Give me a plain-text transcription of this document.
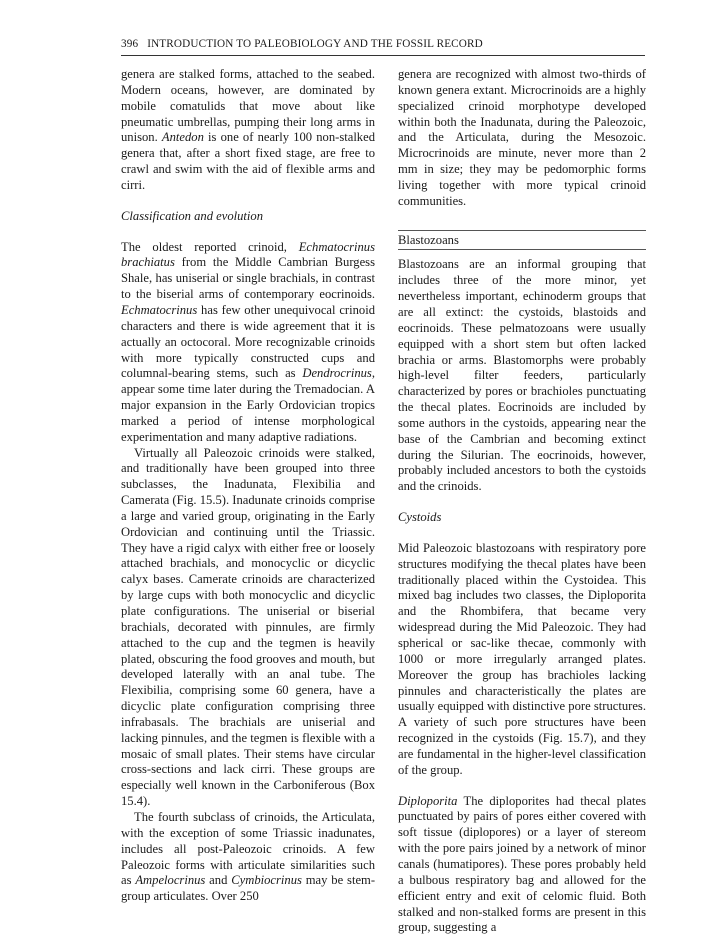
396 INTRODUCTION TO PALEOBIOLOGY AND THE FOSSIL RECORD

genera are stalked forms, attached to the seabed. Modern oceans, however, are dominated by mobile comatulids that move about like pneumatic umbrellas, pumping their long arms in unison. Antedon is one of nearly 100 non-stalked genera that, after a short fixed stage, are free to crawl and swim with the aid of flexible arms and cirri.

Classification and evolution

The oldest reported crinoid, Echmatocrinus brachiatus from the Middle Cambrian Burgess Shale, has uniserial or single brachials, in contrast to the biserial arms of contemporary eocrinoids. Echmatocrinus has few other unequivocal crinoid characters and there is wide agreement that it is actually an octocoral. More recognizable crinoids with more typically constructed cups and columnal-bearing stems, such as Dendrocrinus, appear some time later during the Tremadocian. A major expansion in the Early Ordovician tropics marked a period of intense morphological experimentation and many adaptive radiations.

Virtually all Paleozoic crinoids were stalked, and traditionally have been grouped into three subclasses, the Inadunata, Flexibilia and Camerata (Fig. 15.5). Inadunate crinoids comprise a large and varied group, originating in the Early Ordovician and continuing until the Triassic. They have a rigid calyx with either free or loosely attached brachials, and monocyclic or dicyclic calyx bases. Camerate crinoids are characterized by large cups with both monocyclic and dicyclic plate configurations. The uniserial or biserial brachials, decorated with pinnules, are firmly attached to the cup and the tegmen is heavily plated, obscuring the food grooves and mouth, but developed laterally with an anal tube. The Flexibilia, comprising some 60 genera, have a dicyclic plate configuration comprising three infrabasals. The brachials are uniserial and lacking pinnules, and the tegmen is flexible with a mosaic of small plates. Their stems have circular cross-sections and lack cirri. These groups are especially well known in the Carboniferous (Box 15.4).

The fourth subclass of crinoids, the Articulata, with the exception of some Triassic inadunates, includes all post-Paleozoic crinoids. A few Paleozoic forms with articulate similarities such as Ampelocrinus and Cymbiocrinus may be stem-group articulates. Over 250

genera are recognized with almost two-thirds of known genera extant. Microcrinoids are a highly specialized crinoid morphotype developed within both the Inadunata, during the Paleozoic, and the Articulata, during the Mesozoic. Microcrinoids are minute, never more than 2 mm in size; they may be pedomorphic forms living together with more typical crinoid communities.

Blastozoans

Blastozoans are an informal grouping that includes three of the more minor, yet nevertheless important, echinoderm groups that are all extinct: the cystoids, blastoids and eocrinoids. These pelmatozoans were usually equipped with a short stem but often lacked brachia or arms. Blastomorphs were probably high-level filter feeders, particularly characterized by pores or brachioles punctuating the thecal plates. Eocrinoids are included by some authors in the cystoids, appearing near the base of the Cambrian and becoming extinct during the Silurian. The eocrinoids, however, probably included ancestors to both the cystoids and the crinoids.

Cystoids

Mid Paleozoic blastozoans with respiratory pore structures modifying the thecal plates have been traditionally placed within the Cystoidea. This mixed bag includes two classes, the Diploporita and the Rhombifera, that became very widespread during the Mid Paleozoic. They had spherical or sac-like thecae, commonly with 1000 or more irregularly arranged plates. Moreover the group has brachioles lacking pinnules and characteristically the plates are usually equipped with distinctive pore structures. A variety of such pore structures have been recognized in the cystoids (Fig. 15.7), and they are fundamental in the higher-level classification of the group.

Diploporita The diploporites had thecal plates punctuated by pairs of pores either covered with soft tissue (diplopores) or a layer of stereom with the pore pairs joined by a network of minor canals (humatipores). These pores probably held a bulbous respiratory bag and allowed for the efficient entry and exit of celomic fluid. Both stalked and non-stalked forms are present in this group, suggesting a
